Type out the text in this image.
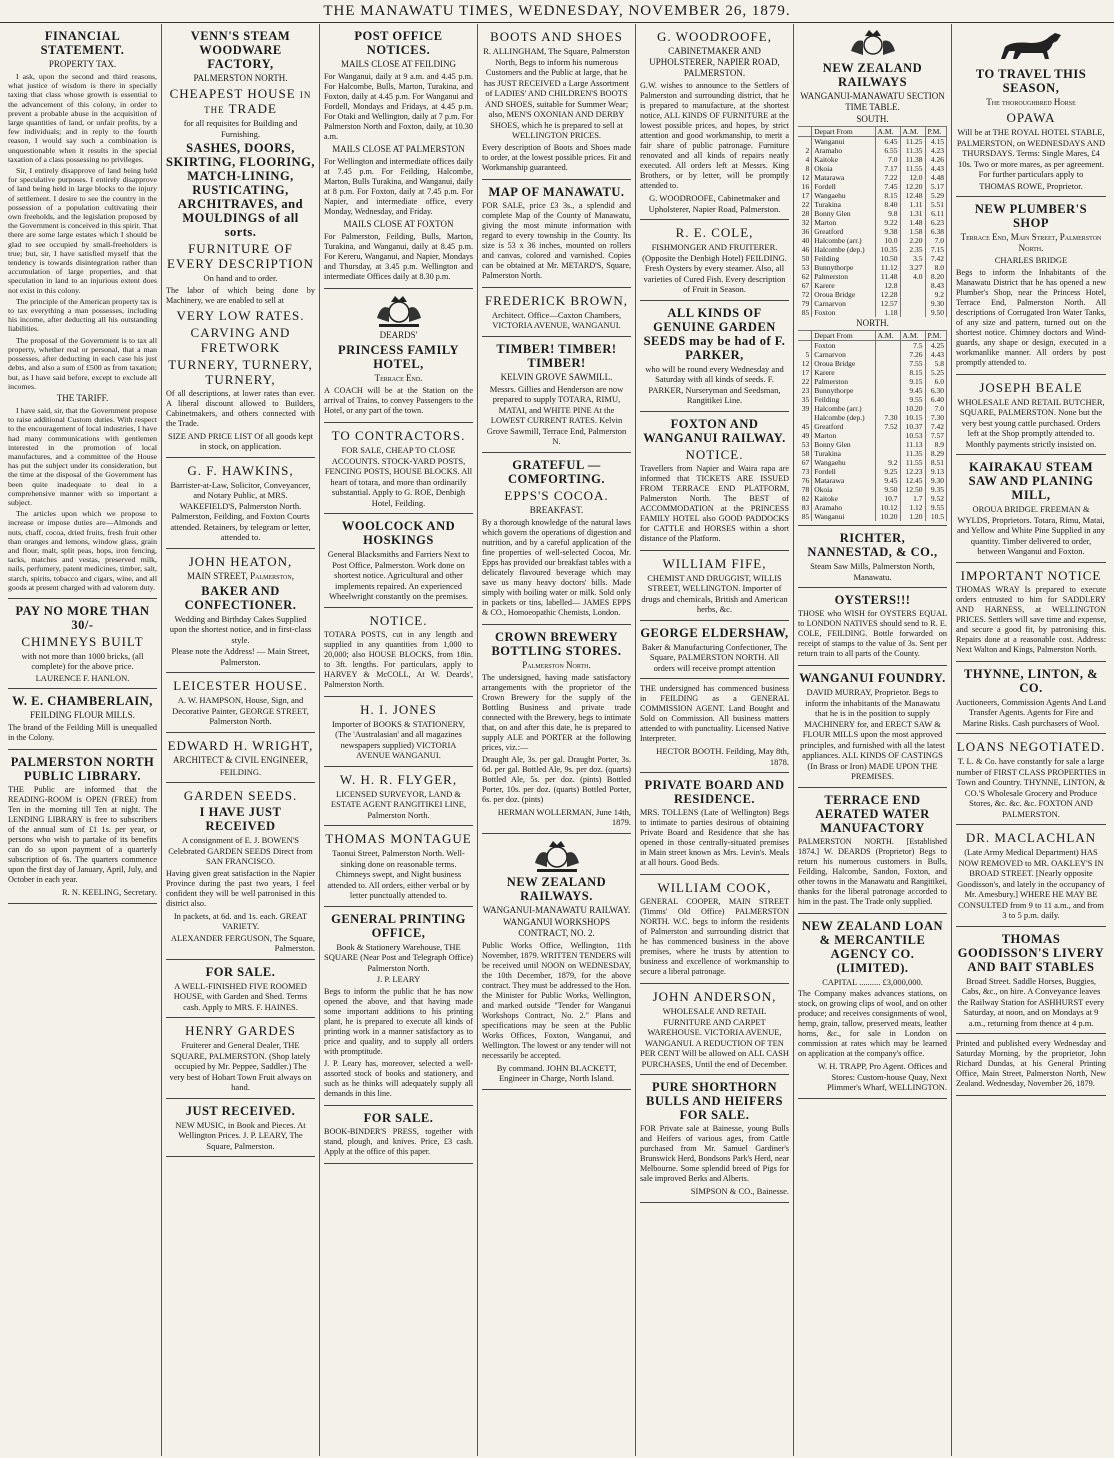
THE MANAWATU TIMES, WEDNESDAY, NOVEMBER 26, 1879.
FINANCIAL STATEMENT.
PROPERTY TAX.
I ask, upon the second and third reasons, what justice of wisdom is there in specially taxing that class whose growth is essential to the advancement of this colony, in order to prevent a probable abuse in the acquisition of large quantities of land, or unfair profits, by a few individuals; and in reply to the fourth reason, I would say such a combination is unquestionable when it results in the special taxation of a class possessing no privileges.
Sir, I entirely disapprove of land being held for speculative purposes. I entirely disapprove of land being held in large blocks to the injury of settlement. I desire to see the country in the possession of a population cultivating their own freeholds, and the legislation proposed by the Government is conceived in this spirit. That there are some large estates which I should be glad to see occupied by small-freeholders is true; but, sir, I have satisfied myself that the tendency is towards disintegration rather than accumulation of large properties, and that speculation in land to an injurious extent does not exist in this colony.
The principle of the American property tax is to tax everything a man possesses, including his income, after deducting all his outstanding liabilities.
The proposal of the Government is to tax all property, whether real or personal, that a man possesses, after deducting in each case his just debts, and also a sum of £500 as from taxation; but, as I have said before, except to exclude all incomes.
THE TARIFF.
I have said, sir, that the Government propose to raise additional Custom duties. With respect to the encouragement of local industries, I have had many communications with gentlemen interested in the promotion of local manufactures, and a committee of the House has put the subject under its consideration, but the time at the disposal of the Government has been quite inadequate to deal in a comprehensive manner with so important a subject.
The articles upon which we propose to increase or impose duties are—Almonds and nuts, chaff, cocoa, dried fruits, fresh fruit other than oranges and lemons, window glass, grain and flour, malt, split peas, hops, iron fencing, tacks, matches and vestas, preserved milk, nails, perfumery, patent medicines, timber, salt, starch, spirits, tobacco and cigars, wine, and all goods at present charged with ad valorem duty.
PAY NO MORE THAN 30/-
CHIMNEYS BUILT
with not more than 1000 bricks, (all complete) for the above price.
LAURENCE F. HANLON.
W. E. CHAMBERLAIN,
FEILDING FLOUR MILLS.
The brand of the Feilding Mill is unequalled in the Colony.
PALMERSTON NORTH PUBLIC LIBRARY.
THE Public are informed that the READING-ROOM is OPEN (FREE) from Ten in the morning till Ten at night. The LENDING LIBRARY is free to subscribers of the annual sum of £1 1s. per year, or persons who wish to partake of its benefits can do so upon payment of a quarterly subscription of 6s. The quarters commence upon the first day of January, April, July, and October in each year.
R. N. KEELING, Secretary.
VENN'S STEAM WOODWARE FACTORY,
PALMERSTON NORTH.
CHEAPEST HOUSE in the TRADE
for all requisites for Building and Furnishing.
SASHES, DOORS, SKIRTING, FLOORING, MATCH-LINING, RUSTICATING, ARCHITRAVES, and MOULDINGS of all sorts.
FURNITURE OF EVERY DESCRIPTION
On hand and to order.
The labor of which being done by Machinery, we are enabled to sell at
VERY LOW RATES.
CARVING AND FRETWORK
TURNERY, TURNERY, TURNERY,
Of all descriptions, at lower rates than ever. A liberal discount allowed to Builders, Cabinetmakers, and others connected with the Trade.
SIZE AND PRICE LIST Of all goods kept in stock, on application.
G. F. HAWKINS,
Barrister-at-Law, Solicitor, Conveyancer, and Notary Public, at MRS. WAKEFIELD'S, Palmerston North. Palmerston, Feilding, and Foxton Courts attended. Retainers, by telegram or letter, attended to.
JOHN HEATON,
MAIN STREET, Palmerston,
BAKER AND CONFECTIONER.
Wedding and Birthday Cakes Supplied upon the shortest notice, and in first-class style.
Please note the Address! — Main Street, Palmerston.
LEICESTER HOUSE.
A. W. HAMPSON, House, Sign, and Decorative Painter, GEORGE STREET, Palmerston North.
EDWARD H. WRIGHT,
ARCHITECT & CIVIL ENGINEER,
FEILDING.
GARDEN SEEDS.
I HAVE JUST RECEIVED
A consignment of E. J. BOWEN'S Celebrated GARDEN SEEDS Direct from SAN FRANCISCO.
Having given great satisfaction in the Napier Province during the past two years, I feel confident they will be well patronised in this district also.
In packets, at 6d. and 1s. each. GREAT VARIETY.
ALEXANDER FERGUSON, The Square, Palmerston.
FOR SALE.
A WELL-FINISHED FIVE ROOMED HOUSE, with Garden and Shed. Terms cash. Apply to MRS. F. HAINES.
HENRY GARDES
Fruiterer and General Dealer, THE SQUARE, PALMERSTON. (Shop lately occupied by Mr. Peppee, Saddler.) The very best of Hobart Town Fruit always on hand.
JUST RECEIVED.
NEW MUSIC, in Book and Pieces. At Wellington Prices. J. P. LEARY, The Square, Palmerston.
POST OFFICE NOTICES.
MAILS CLOSE AT FEILDING
For Wanganui, daily at 9 a.m. and 4.45 p.m. For Halcombe, Bulls, Marton, Turakina, and Foxton, daily at 4.45 p.m. For Wanganui and Fordell, Mondays and Fridays, at 4.45 p.m. For Otaki and Wellington, daily at 7 p.m. For Palmerston North and Foxton, daily, at 10.30 a.m.
MAILS CLOSE AT PALMERSTON
For Wellington and intermediate offices daily at 7.45 p.m. For Feilding, Halcombe, Marton, Bulls Turakina, and Wanganui, daily at 8 p.m. For Foxton, daily at 7.45 p.m. For Napier, and intermediate office, every Monday, Wednesday, and Friday.
MAILS CLOSE AT FOXTON
For Palmerston, Feilding, Bulls, Marton, Turakina, and Wanganui, daily at 8.45 p.m. For Kereru, Wanganui, and Napier, Mondays and Thursday, at 3.45 p.m. Wellington and intermediate Offices daily at 8.30 p.m.
DEARDS'
PRINCESS FAMILY HOTEL,
Terrace End.
A COACH will be at the Station on the arrival of Trains, to convey Passengers to the Hotel, or any part of the town.
TO CONTRACTORS.
FOR SALE, CHEAP TO CLOSE ACCOUNTS. STOCK-YARD POSTS, FENCING POSTS, HOUSE BLOCKS. All heart of totara, and more than ordinarily substantial. Apply to G. ROE, Denbigh Hotel, Feilding.
WOOLCOCK AND HOSKINGS
General Blacksmiths and Farriers Next to Post Office, Palmerston. Work done on shortest notice. Agricultural and other implements repaired. An experienced Wheelwright constantly on the premises.
NOTICE.
TOTARA POSTS, cut in any length and supplied in any quantities from 1,000 to 20,000; also HOUSE BLOCKS, from 18in. to 3ft. lengths. For particulars, apply to HARVEY & McCOLL, At W. Deards', Palmerston North.
H. I. JONES
Importer of BOOKS & STATIONERY, (The 'Australasian' and all magazines newspapers supplied) VICTORIA AVENUE WANGANUI.
W. H. R. FLYGER,
LICENSED SURVEYOR, LAND & ESTATE AGENT RANGITIKEI LINE, Palmerston North.
THOMAS MONTAGUE
Taonui Street, Palmerston North. Well-sinking done on reasonable terms. Chimneys swept, and Night business attended to. All orders, either verbal or by letter punctually attended to.
GENERAL PRINTING OFFICE,
Book & Stationery Warehouse, THE SQUARE (Near Post and Telegraph Office) Palmerston North.
J. P. LEARY
Begs to inform the public that he has now opened the above, and that having made some important additions to his printing plant, he is prepared to execute all kinds of printing work in a manner satisfactory as to price and quality, and to supply all orders with promptitude.
J. P. Leary has, moreover, selected a well-assorted stock of books and stationery, and such as he thinks will adequately supply all demands in this line.
FOR SALE.
BOOK-BINDER'S PRESS, together with stand, plough, and knives. Price, £3 cash. Apply at the office of this paper.
BOOTS AND SHOES
R. ALLINGHAM, The Square, Palmerston North, Begs to inform his numerous Customers and the Public at large, that he has JUST RECEIVED a Large Assortment of LADIES' AND CHILDREN'S BOOTS AND SHOES, suitable for Summer Wear; also, MEN'S OXONIAN AND DERBY SHOES, which he is prepared to sell at WELLINGTON PRICES.
Every description of Boots and Shoes made to order, at the lowest possible prices. Fit and Workmanship guaranteed.
MAP OF MANAWATU.
FOR SALE, price £3 3s., a splendid and complete Map of the County of Manawatu, giving the most minute information with regard to every township in the County. Its size is 53 x 36 inches, mounted on rollers and canvas, colored and varnished. Copies can be obtained at Mr. METARD'S, Square, Palmerston North.
FREDERICK BROWN,
Architect. Office—Caxton Chambers, VICTORIA AVENUE, WANGANUI.
TIMBER! TIMBER! TIMBER!
KELVIN GROVE SAWMILL.
Messrs. Gillies and Henderson are now prepared to supply TOTARA, RIMU, MATAI, and WHITE PINE At the LOWEST CURRENT RATES. Kelvin Grove Sawmill, Terrace End, Palmerston N.
GRATEFUL — COMFORTING.
EPPS'S COCOA.
BREAKFAST.
By a thorough knowledge of the natural laws which govern the operations of digestion and nutrition, and by a careful application of the fine properties of well-selected Cocoa, Mr. Epps has provided our breakfast tables with a delicately flavoured beverage which may save us many heavy doctors' bills. Made simply with boiling water or milk. Sold only in packets or tins, labelled— JAMES EPPS & CO., Homoeopathic Chemists, London.
CROWN BREWERY BOTTLING STORES.
Palmerston North.
The undersigned, having made satisfactory arrangements with the proprietor of the Crown Brewery for the supply of the Bottling Business and private trade connected with the Brewery, begs to intimate that, on and after this date, he is prepared to supply ALE and PORTER at the following prices, viz.:—
Draught Ale, 3s. per gal. Draught Porter, 3s. 6d. per gal. Bottled Ale, 9s. per doz. (quarts) Bottled Ale, 5s. per doz. (pints) Bottled Porter, 10s. per doz. (quarts) Bottled Porter, 6s. per doz. (pints)
HERMAN WOLLERMAN, June 14th, 1879.
NEW ZEALAND RAILWAYS.
WANGANUI-MANAWATU RAILWAY.
WANGANUI WORKSHOPS CONTRACT, NO. 2.
Public Works Office, Wellington, 11th November, 1879. WRITTEN TENDERS will be received until NOON on WEDNESDAY, the 10th December, 1879, for the above contract. They must be addressed to the Hon. the Minister for Public Works, Wellington, and marked outside "Tender for Wanganui Workshops Contract, No. 2." Plans and specifications may be seen at the Public Works Offices, Foxton, Wanganui, and Wellington. The lowest or any tender will not necessarily be accepted.
By command. JOHN BLACKETT, Engineer in Charge, North Island.
G. WOODROOFE,
CABINETMAKER AND UPHOLSTERER, NAPIER ROAD, PALMERSTON.
G.W. wishes to announce to the Settlers of Palmerston and surrounding district, that he is prepared to manufacture, at the shortest notice, ALL KINDS OF FURNITURE at the lowest possible prices, and hopes, by strict attention and good workmanship, to merit a fair share of public patronage. Furniture renovated and all kinds of repairs neatly executed. All orders left at Messrs. King Brothers, or by letter, will be promptly attended to.
G. WOODROOFE, Cabinetmaker and Upholsterer, Napier Road, Palmerston.
R. E. COLE,
FISHMONGER AND FRUITERER. (Opposite the Denbigh Hotel) FEILDING. Fresh Oysters by every steamer. Also, all varieties of Cured Fish. Every description of Fruit in Season.
ALL KINDS OF GENUINE GARDEN SEEDS may be had of F. PARKER,
who will be round every Wednesday and Saturday with all kinds of seeds. F. PARKER, Nurseryman and Seedsman, Rangitikei Line.
FOXTON AND WANGANUI RAILWAY.
NOTICE.
Travellers from Napier and Waira rapa are informed that TICKETS ARE ISSUED FROM TERRACE END PLATFORM, Palmerston North. The BEST of ACCOMMODATION at the PRINCESS FAMILY HOTEL also GOOD PADDOCKS for CATTLE and HORSES within a short distance of the Platform.
WILLIAM FIFE,
CHEMIST AND DRUGGIST, WILLIS STREET, WELLINGTON. Importer of drugs and chemicals, British and American herbs, &c.
GEORGE ELDERSHAW,
Baker & Manufacturing Confectioner, The Square, PALMERSTON NORTH. All orders will receive prompt attention
THE undersigned has commenced business in FEILDING as a GENERAL COMMISSION AGENT. Land Bought and Sold on Commission. All business matters attended to with punctuality. Licensed Native Interpreter.
HECTOR BOOTH. Feilding, May 8th, 1878.
PRIVATE BOARD AND RESIDENCE.
MRS. TOLLENS (Late of Wellington) Begs to intimate to parties desirous of obtaining Private Board and Residence that she has opened in those centrally-situated premises in Main street known as Mrs. Levin's. Meals at all hours. Good Beds.
WILLIAM COOK,
GENERAL COOPER, MAIN STREET (Timms' Old Office) PALMERSTON NORTH. W.C. begs to inform the residents of Palmerston and surrounding district that he has commenced business in the above premises, where he trusts by attention to business and excellence of workmanship to secure a liberal patronage.
JOHN ANDERSON,
WHOLESALE AND RETAIL FURNITURE AND CARPET WAREHOUSE. VICTORIA AVENUE, WANGANUI. A REDUCTION OF TEN PER CENT Will be allowed on ALL CASH PURCHASES, Until the end of December.
PURE SHORTHORN BULLS AND HEIFERS FOR SALE.
FOR Private sale at Bainesse, young Bulls and Heifers of various ages, from Cattle purchased from Mr. Samuel Gardiner's Brunswick Herd, Bondsons Park's Herd, near Melbourne. Some splendid breed of Pigs for sale improved Berks and Alberts.
SIMPSON & CO., Bainesse.
NEW ZEALAND RAILWAYS
WANGANUI-MANAWATU SECTION TIME TABLE.
SOUTH.
	Depart From	A.M.	A.M.	P.M.
	Wanganui	6.45	11.25	4.15
2	Aramaho	6.55	11.35	4.23
4	Kaitoke	7.0	11.38	4.26
8	Okoia	7.17	11.55	4.43
12	Matarawa	7.22	12.0	4.48
16	Fordell	7.45	12.20	5.17
17	Wangaehu	8.15	12.48	5.29
22	Turakina	8.40	1.11	5.51
28	Bonny Glen	9.8	1.31	6.11
32	Marton	9.22	1.48	6.23
36	Greatford	9.38	1.58	6.38
40	Halcombe (arr.)	10.0	2.20	7.0
46	Halcombe (dep.)	10.35	2.35	7.15
50	Feilding	10.50	3.5	7.42
53	Bunnythorpe	11.12	3.27	8.0
62	Palmerston	11.48	4.0	8.20
67	Karere	12.8		8.43
72	Oroua Bridge	12.28		9.2
79	Carnarvon	12.57		9.30
85	Foxton	1.18		9.50
NORTH.
	Depart From	A.M.	A.M.	P.M.
	Foxton		7.5	4.25
5	Carnarvon		7.26	4.43
12	Oroua Bridge		7.55	5.8
17	Karere		8.15	5.25
22	Palmerston		9.15	6.0
23	Bunnythorpe		9.45	6.30
35	Feilding		9.55	6.40
39	Halcombe (arr.)		10.20	7.0
	Halcombe (dep.)	7.30	10.15	7.30
45	Greatford	7.52	10.37	7.42
49	Marton		10.53	7.57
53	Bonny Glen		11.13	8.9
58	Turakina		11.35	8.29
67	Wangaehu	9.2	11.55	8.51
73	Fordell	9.25	12.23	9.13
76	Matarawa	9.45	12.45	9.30
78	Okoia	9.50	12.50	9.35
82	Kaitoke	10.7	1.7	9.52
83	Aramaho	10.12	1.12	9.55
85	Wanganui	10.20	1.20	10.5
RICHTER, NANNESTAD, & CO.,
Steam Saw Mills, Palmerston North, Manawatu.
OYSTERS!!!
THOSE who WISH for OYSTERS EQUAL to LONDON NATIVES should send to R. E. COLE, FEILDING. Bottle forwarded on receipt of stamps to the value of 3s. Sent per return train to all parts of the County.
WANGANUI FOUNDRY.
DAVID MURRAY, Proprietor. Begs to inform the inhabitants of the Manawatu that he is in the position to supply MACHINERY for, and ERECT SAW & FLOUR MILLS upon the most approved principles, and furnished with all the latest appliances. ALL KINDS OF CASTINGS (In Brass or Iron) MADE UPON THE PREMISES.
TERRACE END AERATED WATER MANUFACTORY
PALMERSTON NORTH. [Established 1874.] W. DEARDS (Proprietor) Begs to return his numerous customers in Bulls, Feilding, Halcombe, Sandon, Foxton, and other towns in the Manawatu and Rangitikei, thanks for the liberal patronage accorded to him in the past. The Trade only supplied.
NEW ZEALAND LOAN & MERCANTILE AGENCY CO. (LIMITED).
CAPITAL .......... £3,000,000.
The Company makes advances stations, on stock, on growing clips of wool, and on other produce; and receives consignments of wool, hemp, grain, tallow, preserved meats, leather horns, &c., for sale in London on commission at rates which may be learned on application at the company's office.
W. H. TRAPP, Pro Agent. Offices and Stores: Custom-house Quay, Next Plimmer's Wharf, WELLINGTON.
TO TRAVEL THIS SEASON,
The thoroughbred Horse
OPAWA
Will be at THE ROYAL HOTEL STABLE, PALMERSTON, on WEDNESDAYS AND THURSDAYS. Terms: Single Mares, £4 10s. Two or more mares, as per agreement. For further particulars apply to
THOMAS ROWE, Proprietor.
NEW PLUMBER'S SHOP
Terrace End, Main Street, Palmerston North.
CHARLES BRIDGE
Begs to inform the Inhabitants of the Manawatu District that he has opened a new Plumber's Shop, near the Princess Hotel, Terrace End, Palmerston North. All descriptions of Corrugated Iron Water Tanks, of any size and pattern, turned out on the shortest notice. Chimney doctors and Wind-guards, any shape or design, executed in a workmanlike manner. All orders by post promptly attended to.
JOSEPH BEALE
WHOLESALE AND RETAIL BUTCHER, SQUARE, PALMERSTON. None but the very best young cattle purchased. Orders left at the Shop promptly attended to. Monthly payments strictly insisted on.
KAIRAKAU STEAM SAW AND PLANING MILL,
OROUA BRIDGE. FREEMAN & WYLDS, Proprietors. Totara, Rimu, Matai, and Yellow and White Pine Supplied in any quantity. Timber delivered to order, between Wanganui and Foxton.
IMPORTANT NOTICE
THOMAS WRAY Is prepared to execute orders entrusted to him for SADDLERY AND HARNESS, at WELLINGTON PRICES. Settlers will save time and expense, and secure a good fit, by patronising this. Repairs done at a reasonable cost. Address: Next Walton and Kings, Palmerston North.
THYNNE, LINTON, & CO.
Auctioneers, Commission Agents And Land Transfer Agents. Agents for Fire and Marine Risks. Cash purchasers of Wool.
LOANS NEGOTIATED.
T. L. & Co. have constantly for sale a large number of FIRST CLASS PROPERTIES in Town and Country. THYNNE, LINTON, & CO.'S Wholesale Grocery and Produce Stores, &c. &c. &c. FOXTON AND PALMERSTON.
DR. MACLACHLAN
(Late Army Medical Department) HAS NOW REMOVED to MR. OAKLEY'S IN BROAD STREET. [Nearly opposite Goodisson's, and lately in the occupancy of Mr. Amesbury.] WHERE HE MAY BE CONSULTED from 9 to 11 a.m., and from 3 to 5 p.m. daily.
THOMAS GOODISSON'S LIVERY AND BAIT STABLES
Broad Street. Saddle Horses, Buggies, Cabs, &c., on hire. A Conveyance leaves the Railway Station for ASHHURST every Saturday, at noon, and on Mondays at 9 a.m., returning from thence at 4 p.m.
Printed and published every Wednesday and Saturday Morning, by the proprietor, John Richard Dundas, at his General Printing Office, Main Street, Palmerston North, New Zealand. Wednesday, November 26, 1879.
